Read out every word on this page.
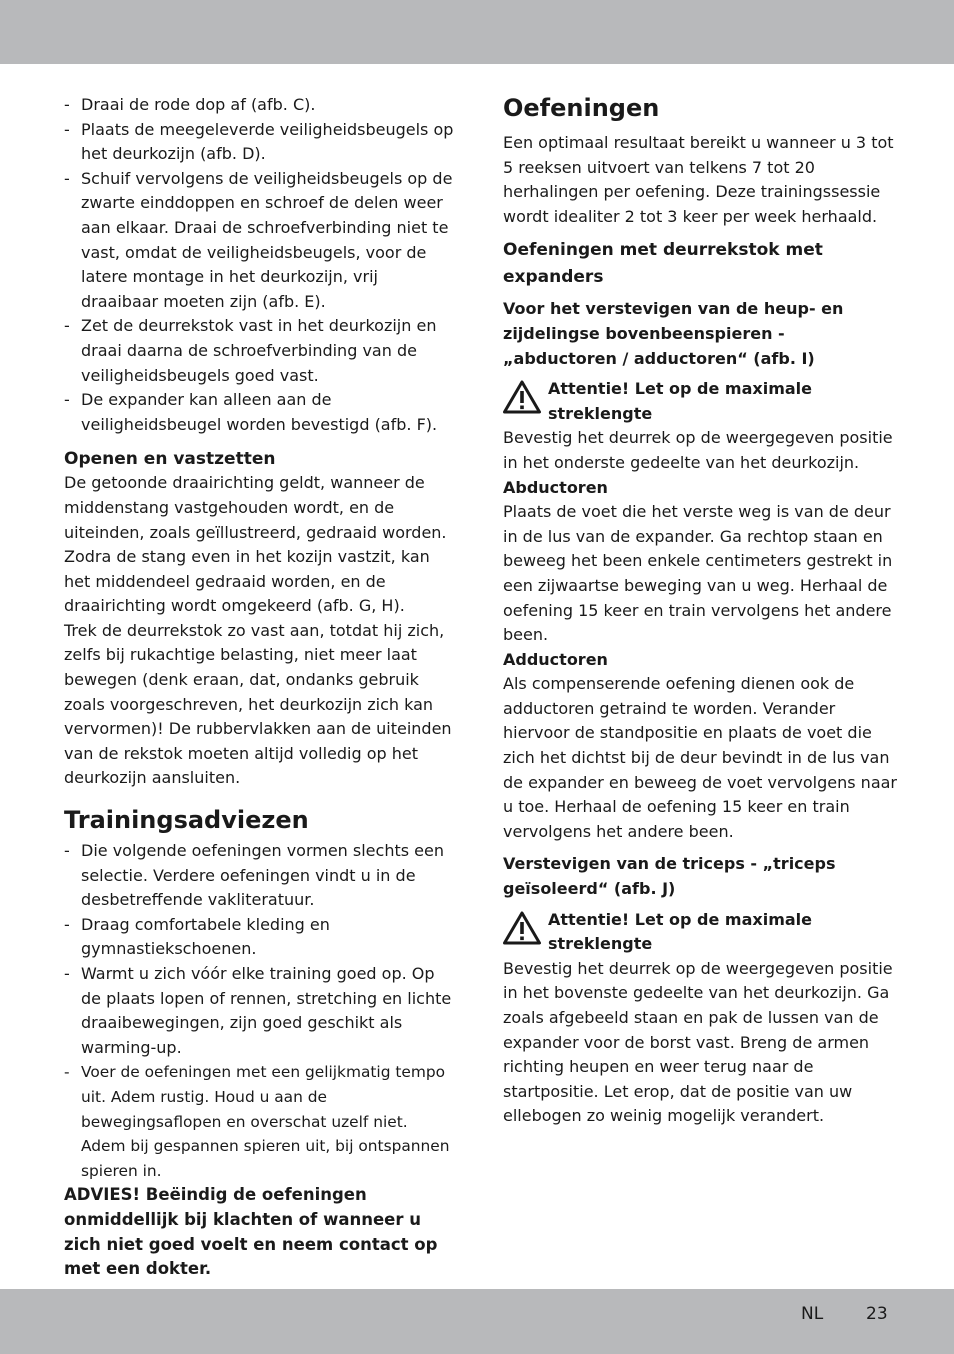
- Draai de rode dop af (afb. C).
- Plaats de meegeleverde veiligheidsbeugels op het deurkozijn (afb. D).
- Schuif vervolgens de veiligheidsbeugels op de zwarte einddoppen en schroef de delen weer aan elkaar. Draai de schroefverbinding niet te vast, omdat de veiligheidsbeugels, voor de latere montage in het deurkozijn, vrij draaibaar moeten zijn (afb. E).
- Zet de deurrekstok vast in het deurkozijn en draai daarna de schroefverbinding van de veiligheidsbeugels goed vast.
- De expander kan alleen aan de veiligheidsbeugel worden bevestigd (afb. F).
Openen en vastzetten

De getoonde draairichting geldt, wanneer de middenstang vastgehouden wordt, en de uiteinden, zoals geïllustreerd, gedraaid worden. Zodra de stang even in het kozijn vastzit, kan het middendeel gedraaid worden, en de draairichting wordt omgekeerd (afb. G, H).

Trek de deurrekstok zo vast aan, totdat hij zich, zelfs bij rukachtige belasting, niet meer laat bewegen (denk eraan, dat, ondanks gebruik zoals voorgeschreven, het deurkozijn zich kan vervormen)! De rubbervlakken aan de uiteinden van de rekstok moeten altijd volledig op het deurkozijn aansluiten.

Trainingsadviezen
- Die volgende oefeningen vormen slechts een selectie. Verdere oefeningen vindt u in de desbetreffende vakliteratuur.
- Draag comfortabele kleding en gymnastiekschoenen.
- Warmt u zich vóór elke training goed op. Op de plaats lopen of rennen, stretching en lichte draaibewegingen, zijn goed geschikt als warming-up.
- Voer de oefeningen met een gelijkmatig tempo uit. Adem rustig. Houd u aan de bewegingsaflopen en overschat uzelf niet. Adem bij gespannen spieren uit, bij ontspannen spieren in.

ADVIES! Beëindig de oefeningen onmiddellijk bij klachten of wanneer u zich niet goed voelt en neem contact op met een dokter.

Oefeningen

Een optimaal resultaat bereikt u wanneer u 3 tot 5 reeksen uitvoert van telkens 7 tot 20 herhalingen per oefening. Deze trainingssessie wordt idealiter 2 tot 3 keer per week herhaald.

Oefeningen met deurrekstok met expanders

Voor het verstevigen van de heup- en zijdelingse bovenbeenspieren - „abductoren / adductoren“ (afb. I)

Attentie! Let op de maximale streklengte

Bevestig het deurrek op de weergegeven positie in het onderste gedeelte van het deurkozijn.

Abductoren

Plaats de voet die het verste weg is van de deur in de lus van de expander. Ga rechtop staan en beweeg het been enkele centimeters gestrekt in een zijwaartse beweging van u weg. Herhaal de oefening 15 keer en train vervolgens het andere been.

Adductoren

Als compenserende oefening dienen ook de adductoren getraind te worden. Verander hiervoor de standpositie en plaats de voet die zich het dichtst bij de deur bevindt in de lus van de expander en beweeg de voet vervolgens naar u toe. Herhaal de oefening 15 keer en train vervolgens het andere been.

Verstevigen van de triceps - „triceps geïsoleerd“ (afb. J)

Attentie! Let op de maximale streklengte

Bevestig het deurrek op de weergegeven positie in het bovenste gedeelte van het deurkozijn. Ga zoals afgebeeld staan en pak de lussen van de expander voor de borst vast. Breng de armen richting heupen en weer terug naar de startpositie. Let erop, dat de positie van uw ellebogen zo weinig mogelijk verandert.

NL	23
